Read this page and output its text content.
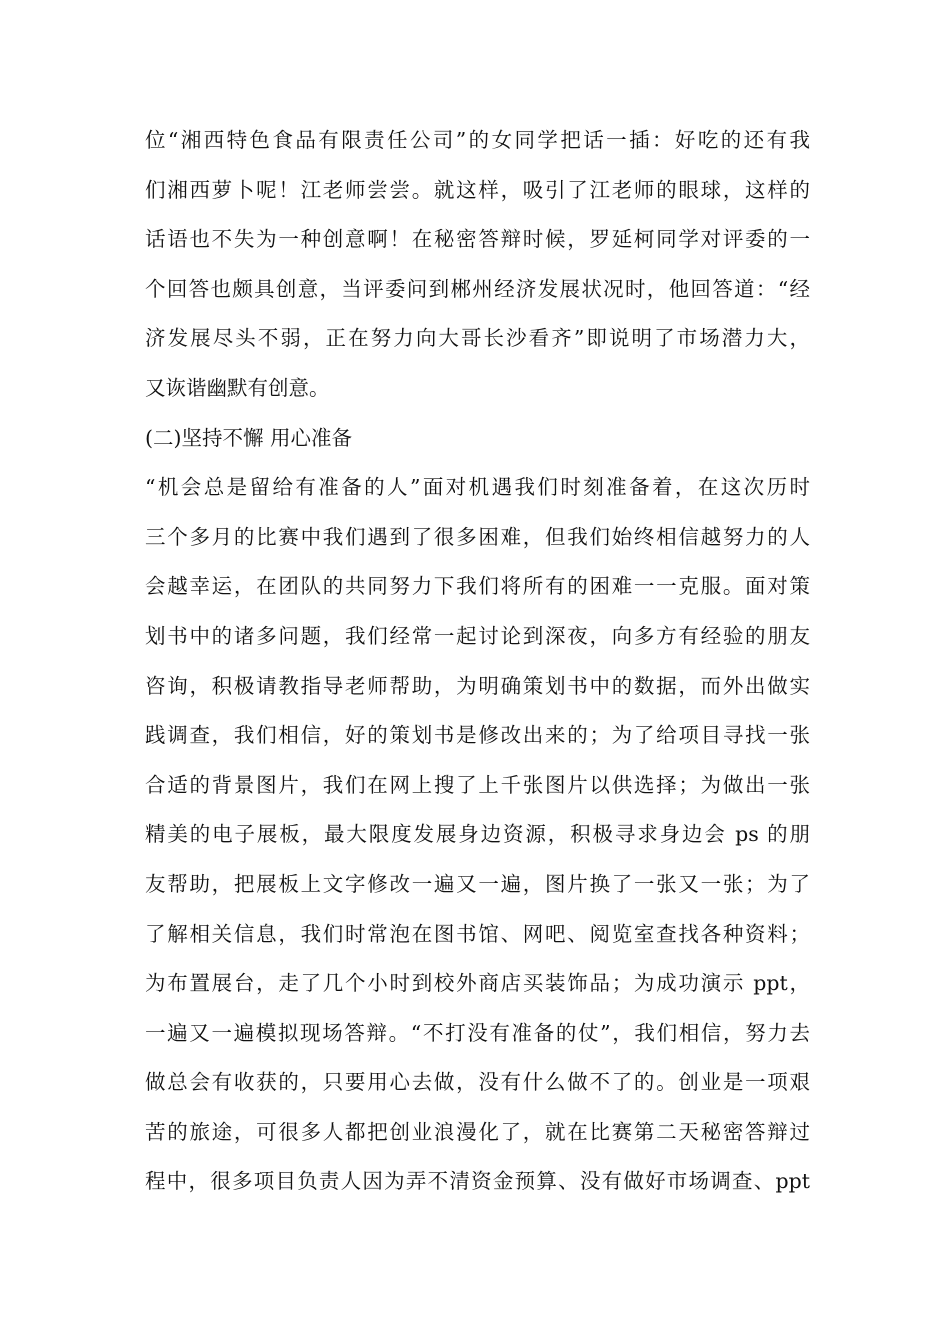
位“湘西特色食品有限责任公司”的女同学把话一插：好吃的还有我
们湘西萝卜呢！江老师尝尝。就这样，吸引了江老师的眼球，这样的
话语也不失为一种创意啊！在秘密答辩时候，罗延柯同学对评委的一
个回答也颇具创意，当评委问到郴州经济发展状况时，他回答道：“经
济发展尽头不弱，正在努力向大哥长沙看齐”即说明了市场潜力大，
又诙谐幽默有创意。
(二)坚持不懈 用心准备
“机会总是留给有准备的人”面对机遇我们时刻准备着，在这次历时
三个多月的比赛中我们遇到了很多困难，但我们始终相信越努力的人
会越幸运，在团队的共同努力下我们将所有的困难一一克服。面对策
划书中的诸多问题，我们经常一起讨论到深夜，向多方有经验的朋友
咨询，积极请教指导老师帮助，为明确策划书中的数据，而外出做实
践调查，我们相信，好的策划书是修改出来的；为了给项目寻找一张
合适的背景图片，我们在网上搜了上千张图片以供选择；为做出一张
精美的电子展板，最大限度发展身边资源，积极寻求身边会 ps 的朋
友帮助，把展板上文字修改一遍又一遍，图片换了一张又一张；为了
了解相关信息，我们时常泡在图书馆、网吧、阅览室查找各种资料；
为布置展台，走了几个小时到校外商店买装饰品；为成功演示 ppt，
一遍又一遍模拟现场答辩。“不打没有准备的仗”，我们相信，努力去
做总会有收获的，只要用心去做，没有什么做不了的。创业是一项艰
苦的旅途，可很多人都把创业浪漫化了，就在比赛第二天秘密答辩过
程中，很多项目负责人因为弄不清资金预算、没有做好市场调查、ppt
